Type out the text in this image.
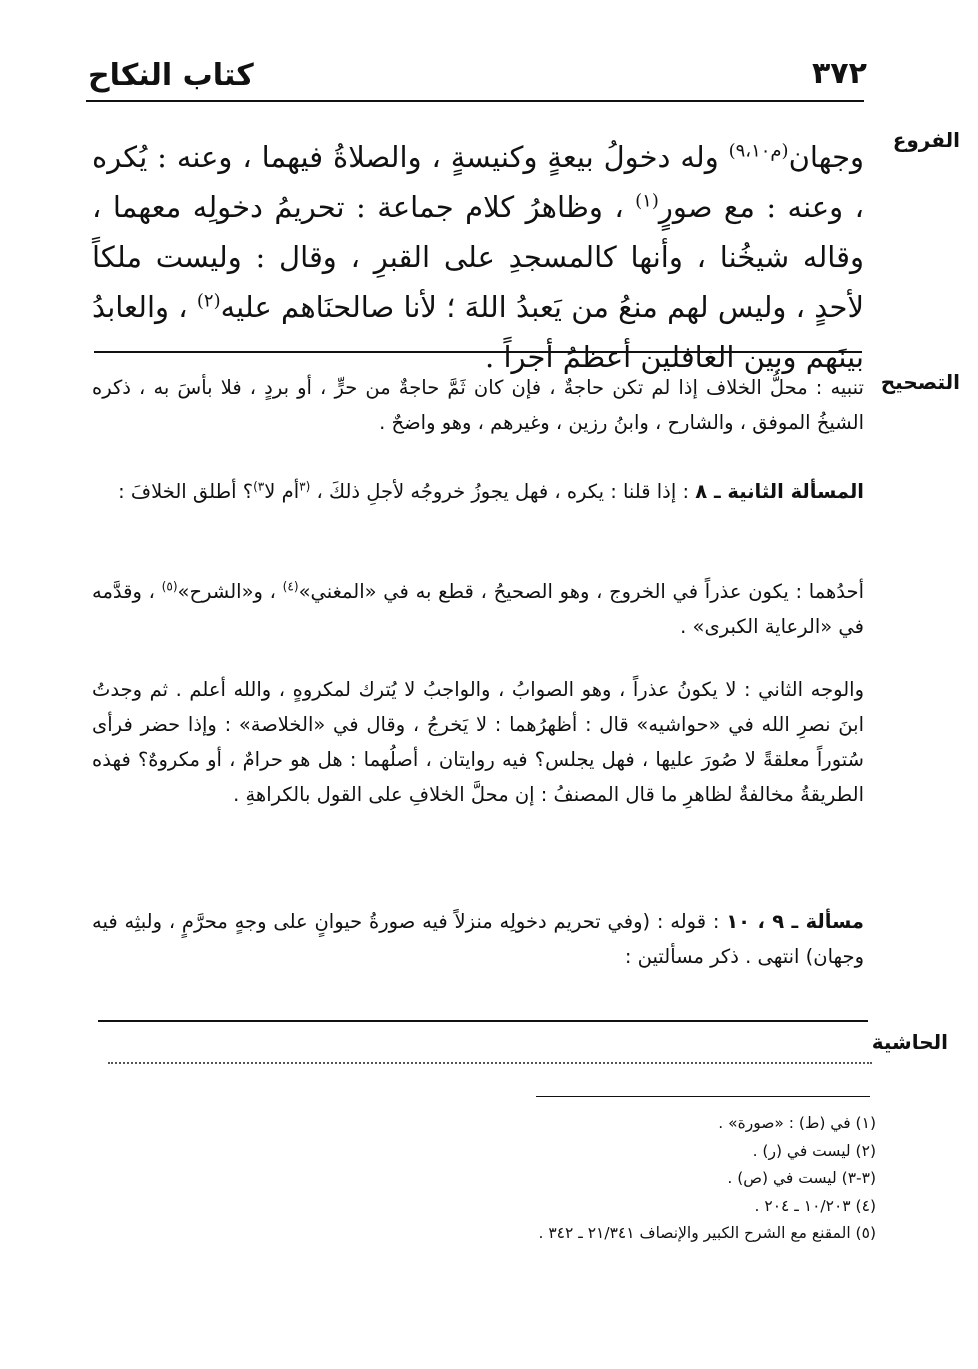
٣٧٢
كتاب النكاح
الفروع
التصحيح
الحاشية
وجهان$^{(م٩،١٠)}$ وله دخولُ بيعةٍ وكنيسةٍ ، والصلاةُ فيهما ، وعنه : يُكره ، وعنه : مع صورٍ$^{(١)}$ ، وظاهرُ كلام جماعة : تحريمُ دخولِه معهما ، وقاله شيخُنا ، وأنها كالمسجدِ على القبرِ ، وقال : وليست ملكاً لأحدٍ ، وليس لهم منعُ من يَعبدُ اللهَ ؛ لأنا صالحنَاهم عليه$^{(٢)}$ ، والعابدُ بينَهم وبين الغافلين أعظمُ أجراً .
تنبيه : محلُّ الخلاف إذا لم تكن حاجةٌ ، فإن كان ثَمَّ حاجةٌ من حرٍّ ، أو بردٍ ، فلا بأسَ به ، ذكره الشيخُ الموفق ، والشارح ، وابنُ رزين ، وغيرهم ، وهو واضحٌ .
المسألة الثانية ـ ٨ : إذا قلنا : يكره ، فهل يجوزُ خروجُه لأجلِ ذلكَ ، $^{(٣}$أم لا$^{٣)}$؟ أطلق الخلافَ :
أحدُهما : يكون عذراً في الخروج ، وهو الصحيحُ ، قطع به في «المغني»$^{(٤)}$ ، و«الشرح»$^{(٥)}$ ، وقدَّمه في «الرعاية الكبرى» .
والوجه الثاني : لا يكونُ عذراً ، وهو الصوابُ ، والواجبُ لا يُترك لمكروهٍ ، والله أعلم . ثم وجدتُ ابنَ نصرِ الله في «حواشيه» قال : أظهرُهما : لا يَخرجُ ، وقال في «الخلاصة» : وإذا حضر فرأى سُتوراً معلقةً لا صُورَ عليها ، فهل يجلس؟ فيه روايتان ، أصلُهما : هل هو حرامٌ ، أو مكروهٌ؟ فهذه الطريقةُ مخالفةٌ لظاهرِ ما قال المصنفُ : إن محلَّ الخلافِ على القول بالكراهةِ .
مسألة ـ ٩ ، ١٠ : قوله : (وفي تحريم دخولِه منزلاً فيه صورةُ حيوانٍ على وجهٍ محرَّمٍ ، ولبثِه فيه وجهان) انتهى . ذكر مسألتين :
(١) في (ط) : «صورة» .
(٢) ليست في (ر) .
(٣-٣) ليست في (ص) .
(٤) ١٠/٢٠٣ ـ ٢٠٤ .
(٥) المقنع مع الشرح الكبير والإنصاف ٢١/٣٤١ ـ ٣٤٢ .
